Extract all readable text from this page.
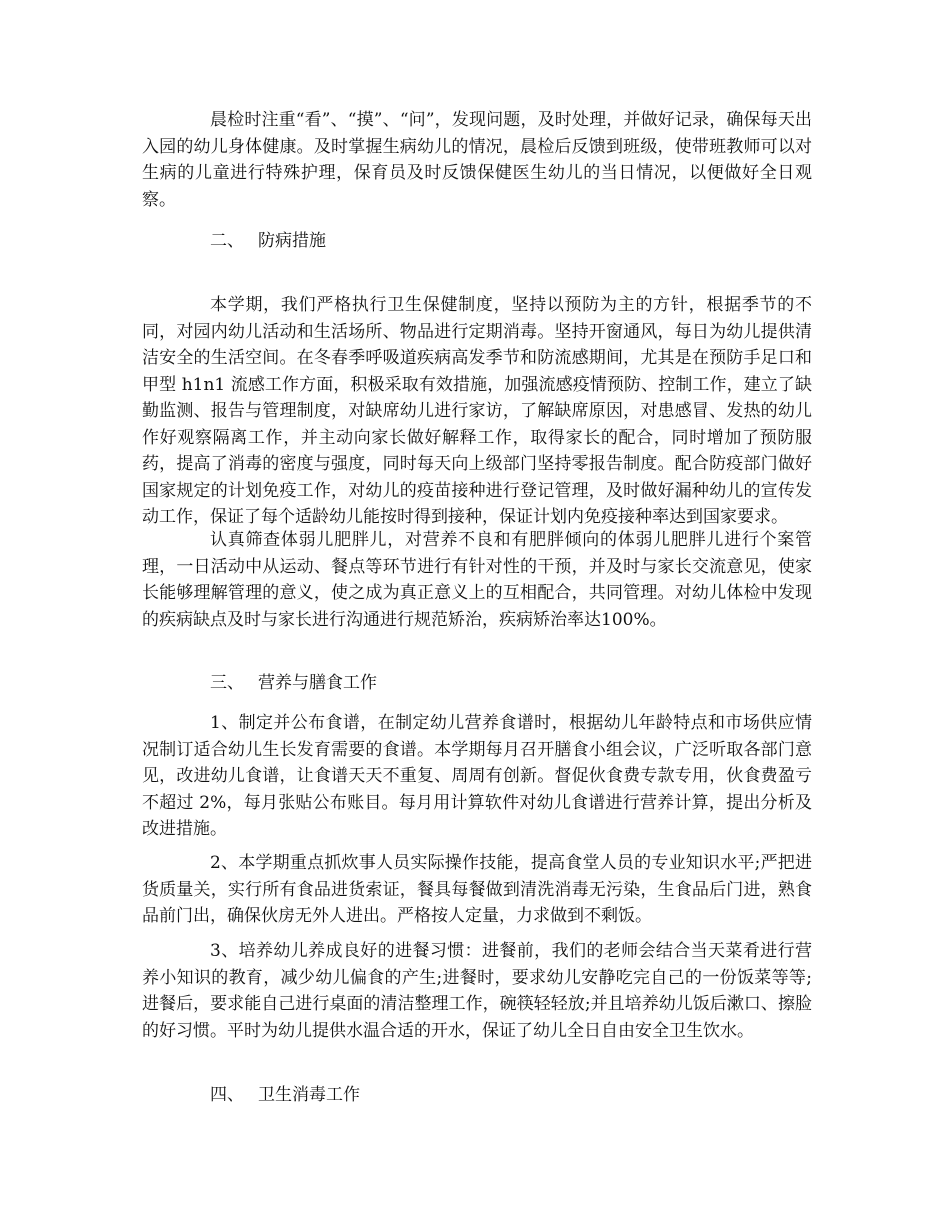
晨检时注重“看”、“摸”、“问”，发现问题，及时处理，并做好记录，确保每天出入园的幼儿身体健康。及时掌握生病幼儿的情况，晨检后反馈到班级，使带班教师可以对生病的儿童进行特殊护理，保育员及时反馈保健医生幼儿的当日情况，以便做好全日观察。

二、 防病措施

本学期，我们严格执行卫生保健制度，坚持以预防为主的方针，根据季节的不同，对园内幼儿活动和生活场所、物品进行定期消毒。坚持开窗通风，每日为幼儿提供清洁安全的生活空间。在冬春季呼吸道疾病高发季节和防流感期间，尤其是在预防手足口和甲型 h1n1 流感工作方面，积极采取有效措施，加强流感疫情预防、控制工作，建立了缺勤监测、报告与管理制度，对缺席幼儿进行家访，了解缺席原因，对患感冒、发热的幼儿作好观察隔离工作，并主动向家长做好解释工作，取得家长的配合，同时增加了预防服药，提高了消毒的密度与强度，同时每天向上级部门坚持零报告制度。配合防疫部门做好国家规定的计划免疫工作，对幼儿的疫苗接种进行登记管理，及时做好漏种幼儿的宣传发动工作，保证了每个适龄幼儿能按时得到接种，保证计划内免疫接种率达到国家要求。

认真筛查体弱儿肥胖儿，对营养不良和有肥胖倾向的体弱儿肥胖儿进行个案管理，一日活动中从运动、餐点等环节进行有针对性的干预，并及时与家长交流意见，使家长能够理解管理的意义，使之成为真正意义上的互相配合，共同管理。对幼儿体检中发现的疾病缺点及时与家长进行沟通进行规范矫治，疾病矫治率达100%。

三、 营养与膳食工作

1、制定并公布食谱，在制定幼儿营养食谱时，根据幼儿年龄特点和市场供应情况制订适合幼儿生长发育需要的食谱。本学期每月召开膳食小组会议，广泛听取各部门意见，改进幼儿食谱，让食谱天天不重复、周周有创新。督促伙食费专款专用，伙食费盈亏不超过 2%，每月张贴公布账目。每月用计算软件对幼儿食谱进行营养计算，提出分析及改进措施。

2、本学期重点抓炊事人员实际操作技能，提高食堂人员的专业知识水平;严把进货质量关，实行所有食品进货索证，餐具每餐做到清洗消毒无污染，生食品后门进，熟食品前门出，确保伙房无外人进出。严格按人定量，力求做到不剩饭。

3、培养幼儿养成良好的进餐习惯：进餐前，我们的老师会结合当天菜肴进行营养小知识的教育，减少幼儿偏食的产生;进餐时，要求幼儿安静吃完自己的一份饭菜等等;进餐后，要求能自己进行桌面的清洁整理工作，碗筷轻轻放;并且培养幼儿饭后漱口、擦脸的好习惯。平时为幼儿提供水温合适的开水，保证了幼儿全日自由安全卫生饮水。

四、 卫生消毒工作
